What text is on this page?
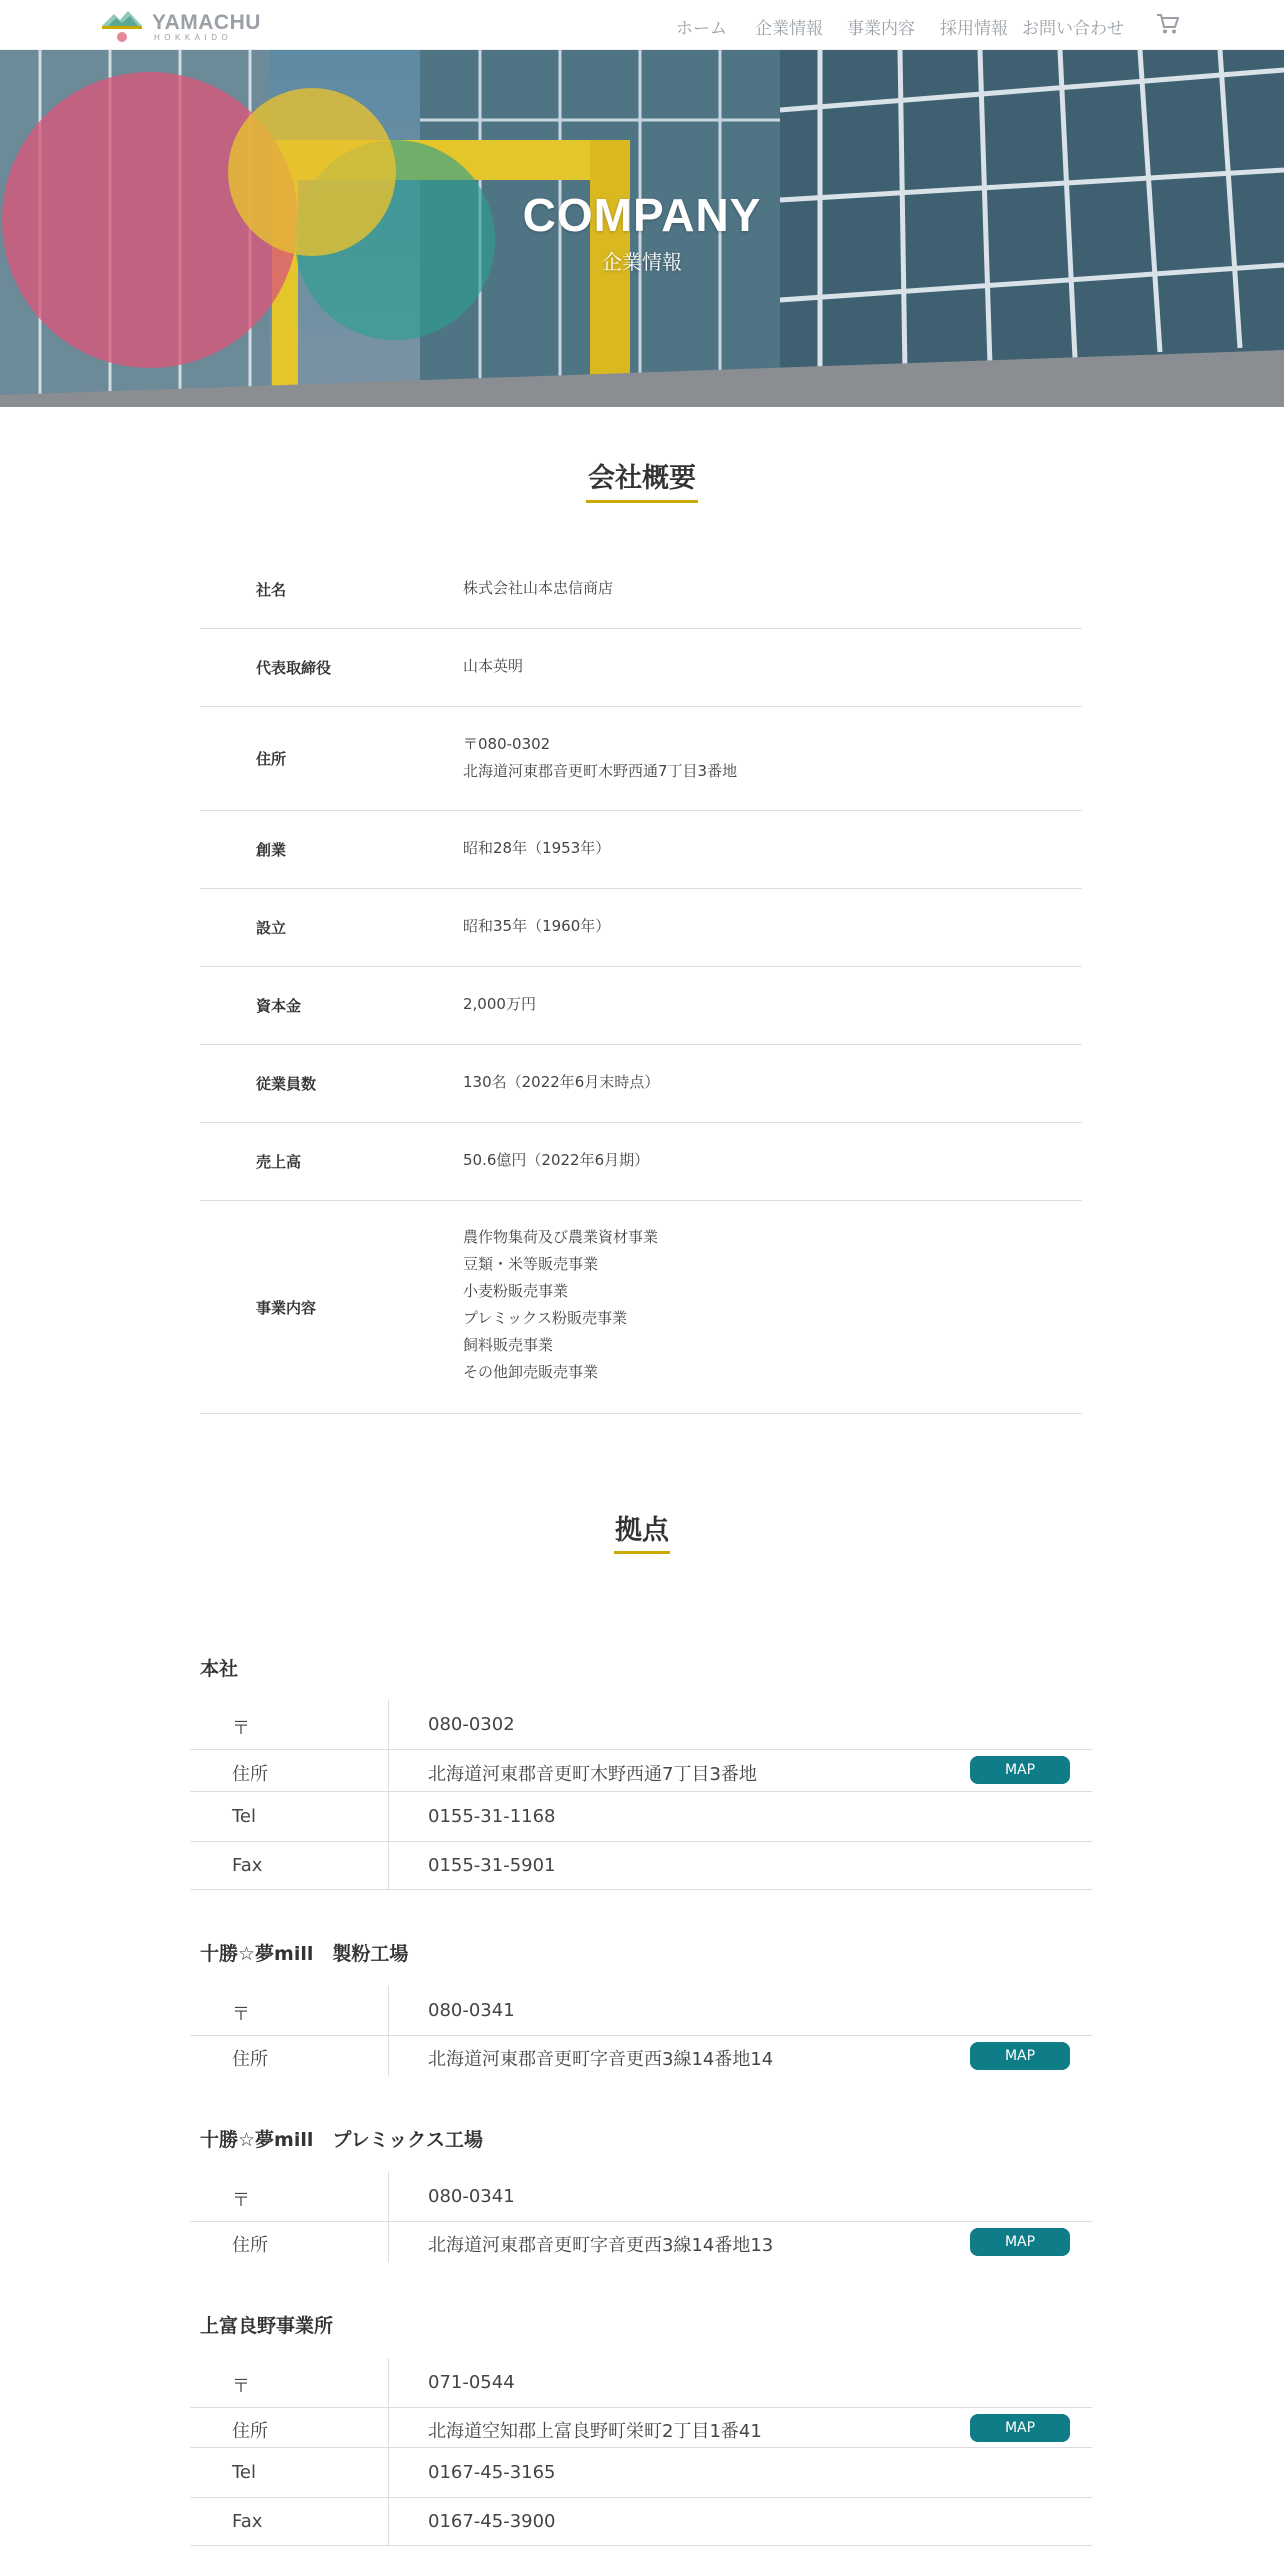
YAMACHU
HOKKAIDO	ホーム 企業情報 事業内容 採用情報 お問い合わせ
COMPANY
企業情報
会社概要
社名	株式会社山本忠信商店
代表取締役	山本英明
住所
〒080-0302
北海道河東郡音更町木野西通7丁目3番地
創業	昭和28年（1953年）
設立	昭和35年（1960年）
資本金	2,000万円
従業員数	130名（2022年6月末時点）
売上高	50.6億円（2022年6月期）
事業内容
農作物集荷及び農業資材事業
豆類・米等販売事業
小麦粉販売事業
プレミックス粉販売事業
飼料販売事業
その他卸売販売事業
拠点
本社
〒	080-0302
住所	北海道河東郡音更町木野西通7丁目3番地	MAP
Tel	0155-31-1168
Fax	0155-31-5901
十勝☆夢mill　製粉工場
〒	080-0341
住所	北海道河東郡音更町字音更西3線14番地14	MAP
十勝☆夢mill　プレミックス工場
〒	080-0341
住所	北海道河東郡音更町字音更西3線14番地13	MAP
上富良野事業所
〒	071-0544
住所	北海道空知郡上富良野町栄町2丁目1番41	MAP
Tel	0167-45-3165
Fax	0167-45-3900
